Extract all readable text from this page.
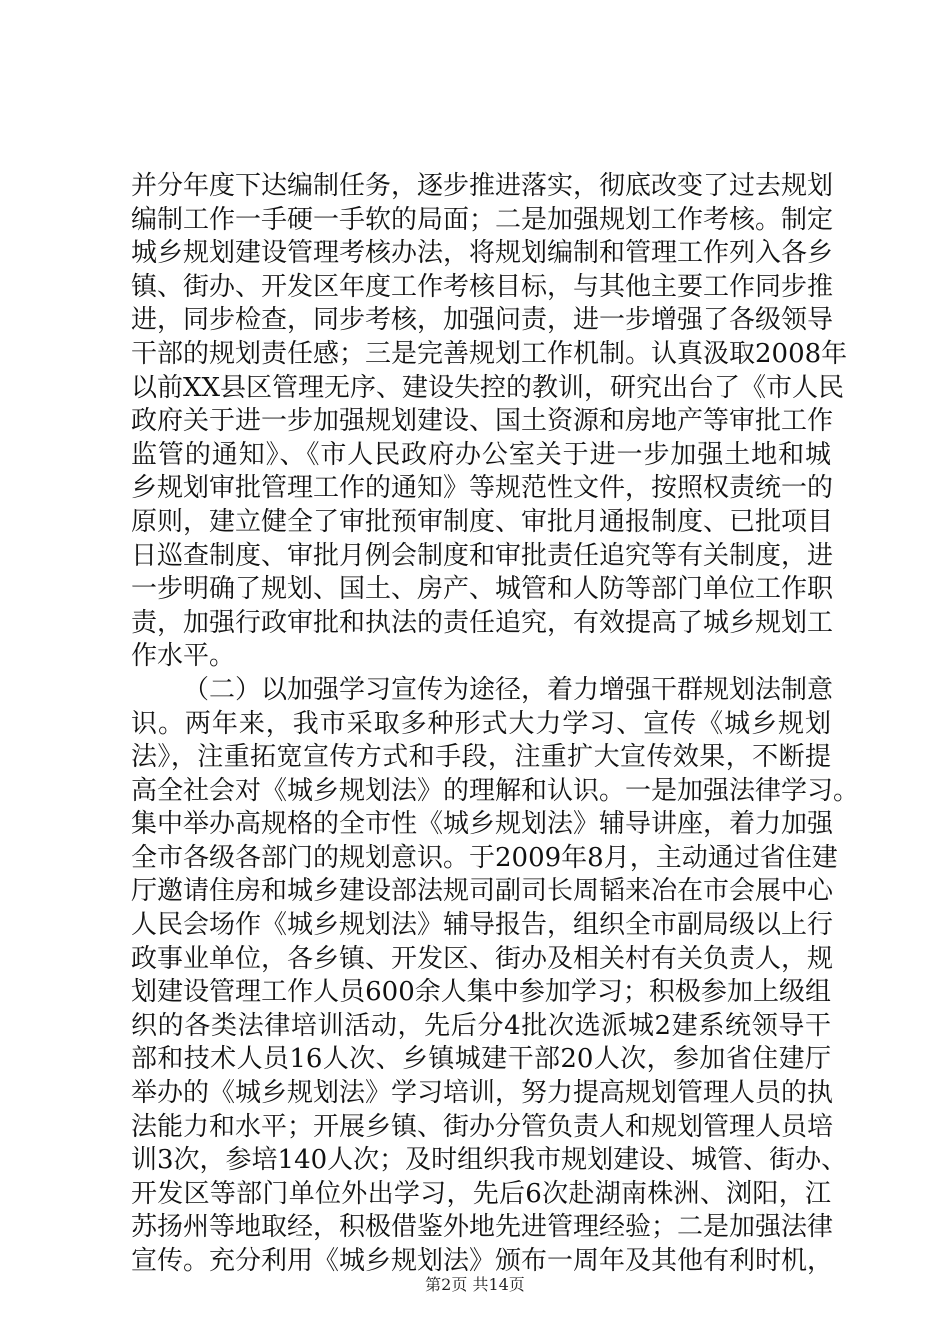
并分年度下达编制任务，逐步推进落实，彻底改变了过去规划
编制工作一手硬一手软的局面；二是加强规划工作考核。制定
城乡规划建设管理考核办法，将规划编制和管理工作列入各乡
镇、街办、开发区年度工作考核目标，与其他主要工作同步推
进，同步检查，同步考核，加强问责，进一步增强了各级领导
干部的规划责任感；三是完善规划工作机制。认真汲取2008年
以前XX县区管理无序、建设失控的教训，研究出台了《市人民
政府关于进一步加强规划建设、国土资源和房地产等审批工作
监管的通知》、《市人民政府办公室关于进一步加强土地和城
乡规划审批管理工作的通知》等规范性文件，按照权责统一的
原则，建立健全了审批预审制度、审批月通报制度、已批项目
日巡查制度、审批月例会制度和审批责任追究等有关制度，进
一步明确了规划、国土、房产、城管和人防等部门单位工作职
责，加强行政审批和执法的责任追究，有效提高了城乡规划工
作水平。
（二）以加强学习宣传为途径，着力增强干群规划法制意
识。两年来，我市采取多种形式大力学习、宣传《城乡规划
法》，注重拓宽宣传方式和手段，注重扩大宣传效果，不断提
高全社会对《城乡规划法》的理解和认识。一是加强法律学习。
集中举办高规格的全市性《城乡规划法》辅导讲座，着力加强
全市各级各部门的规划意识。于2009年8月，主动通过省住建
厅邀请住房和城乡建设部法规司副司长周韬来冶在市会展中心
人民会场作《城乡规划法》辅导报告，组织全市副局级以上行
政事业单位，各乡镇、开发区、街办及相关村有关负责人，规
划建设管理工作人员600余人集中参加学习；积极参加上级组
织的各类法律培训活动，先后分4批次选派城2建系统领导干
部和技术人员16人次、乡镇城建干部20人次，参加省住建厅
举办的《城乡规划法》学习培训，努力提高规划管理人员的执
法能力和水平；开展乡镇、街办分管负责人和规划管理人员培
训3次，参培140人次；及时组织我市规划建设、城管、街办、
开发区等部门单位外出学习，先后6次赴湖南株洲、浏阳，江
苏扬州等地取经，积极借鉴外地先进管理经验；二是加强法律
宣传。充分利用《城乡规划法》颁布一周年及其他有利时机，
第2页 共14页
